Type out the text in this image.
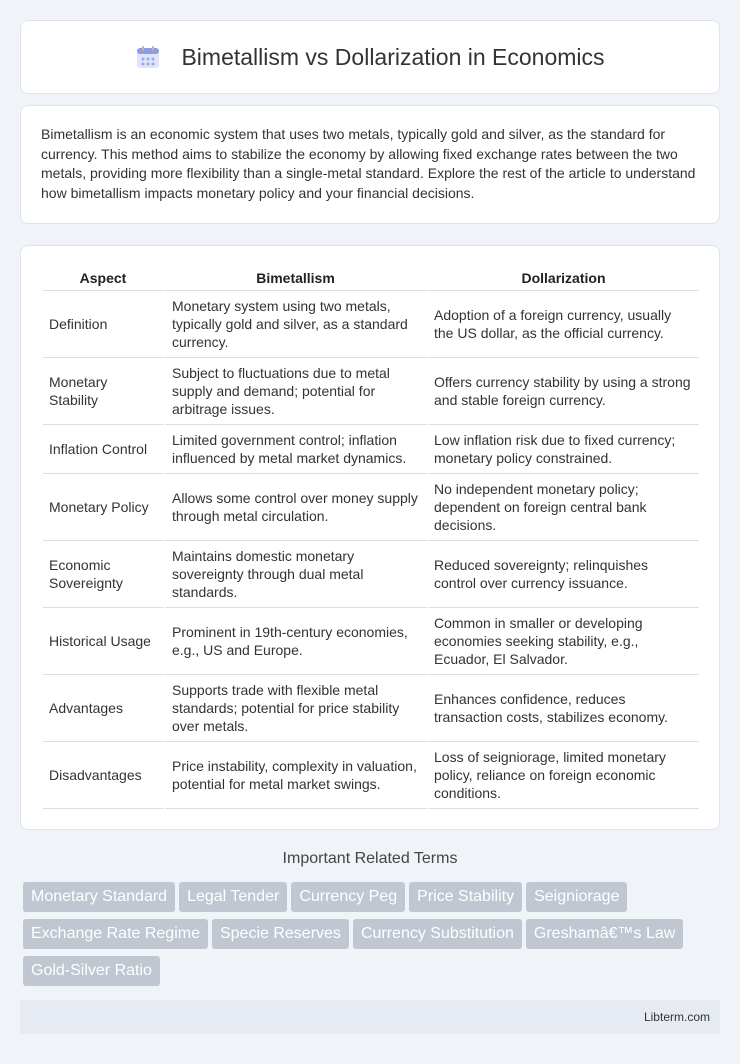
Bimetallism vs Dollarization in Economics

Bimetallism is an economic system that uses two metals, typically gold and silver, as the standard for currency. This method aims to stabilize the economy by allowing fixed exchange rates between the two metals, providing more flexibility than a single-metal standard. Explore the rest of the article to understand how bimetallism impacts monetary policy and your financial decisions.

Aspect	Bimetallism	Dollarization
Definition	Monetary system using two metals, typically gold and silver, as a standard currency.	Adoption of a foreign currency, usually the US dollar, as the official currency.
Monetary Stability	Subject to fluctuations due to metal supply and demand; potential for arbitrage issues.	Offers currency stability by using a strong and stable foreign currency.
Inflation Control	Limited government control; inflation influenced by metal market dynamics.	Low inflation risk due to fixed currency; monetary policy constrained.
Monetary Policy	Allows some control over money supply through metal circulation.	No independent monetary policy; dependent on foreign central bank decisions.
Economic Sovereignty	Maintains domestic monetary sovereignty through dual metal standards.	Reduced sovereignty; relinquishes control over currency issuance.
Historical Usage	Prominent in 19th-century economies, e.g., US and Europe.	Common in smaller or developing economies seeking stability, e.g., Ecuador, El Salvador.
Advantages	Supports trade with flexible metal standards; potential for price stability over metals.	Enhances confidence, reduces transaction costs, stabilizes economy.
Disadvantages	Price instability, complexity in valuation, potential for metal market swings.	Loss of seigniorage, limited monetary policy, reliance on foreign economic conditions.
Important Related Terms
Monetary Standard Legal Tender Currency Peg Price Stability Seigniorage
Exchange Rate Regime Specie Reserves Currency Substitution Greshamâ€™s Law
Gold-Silver Ratio
Libterm.com
